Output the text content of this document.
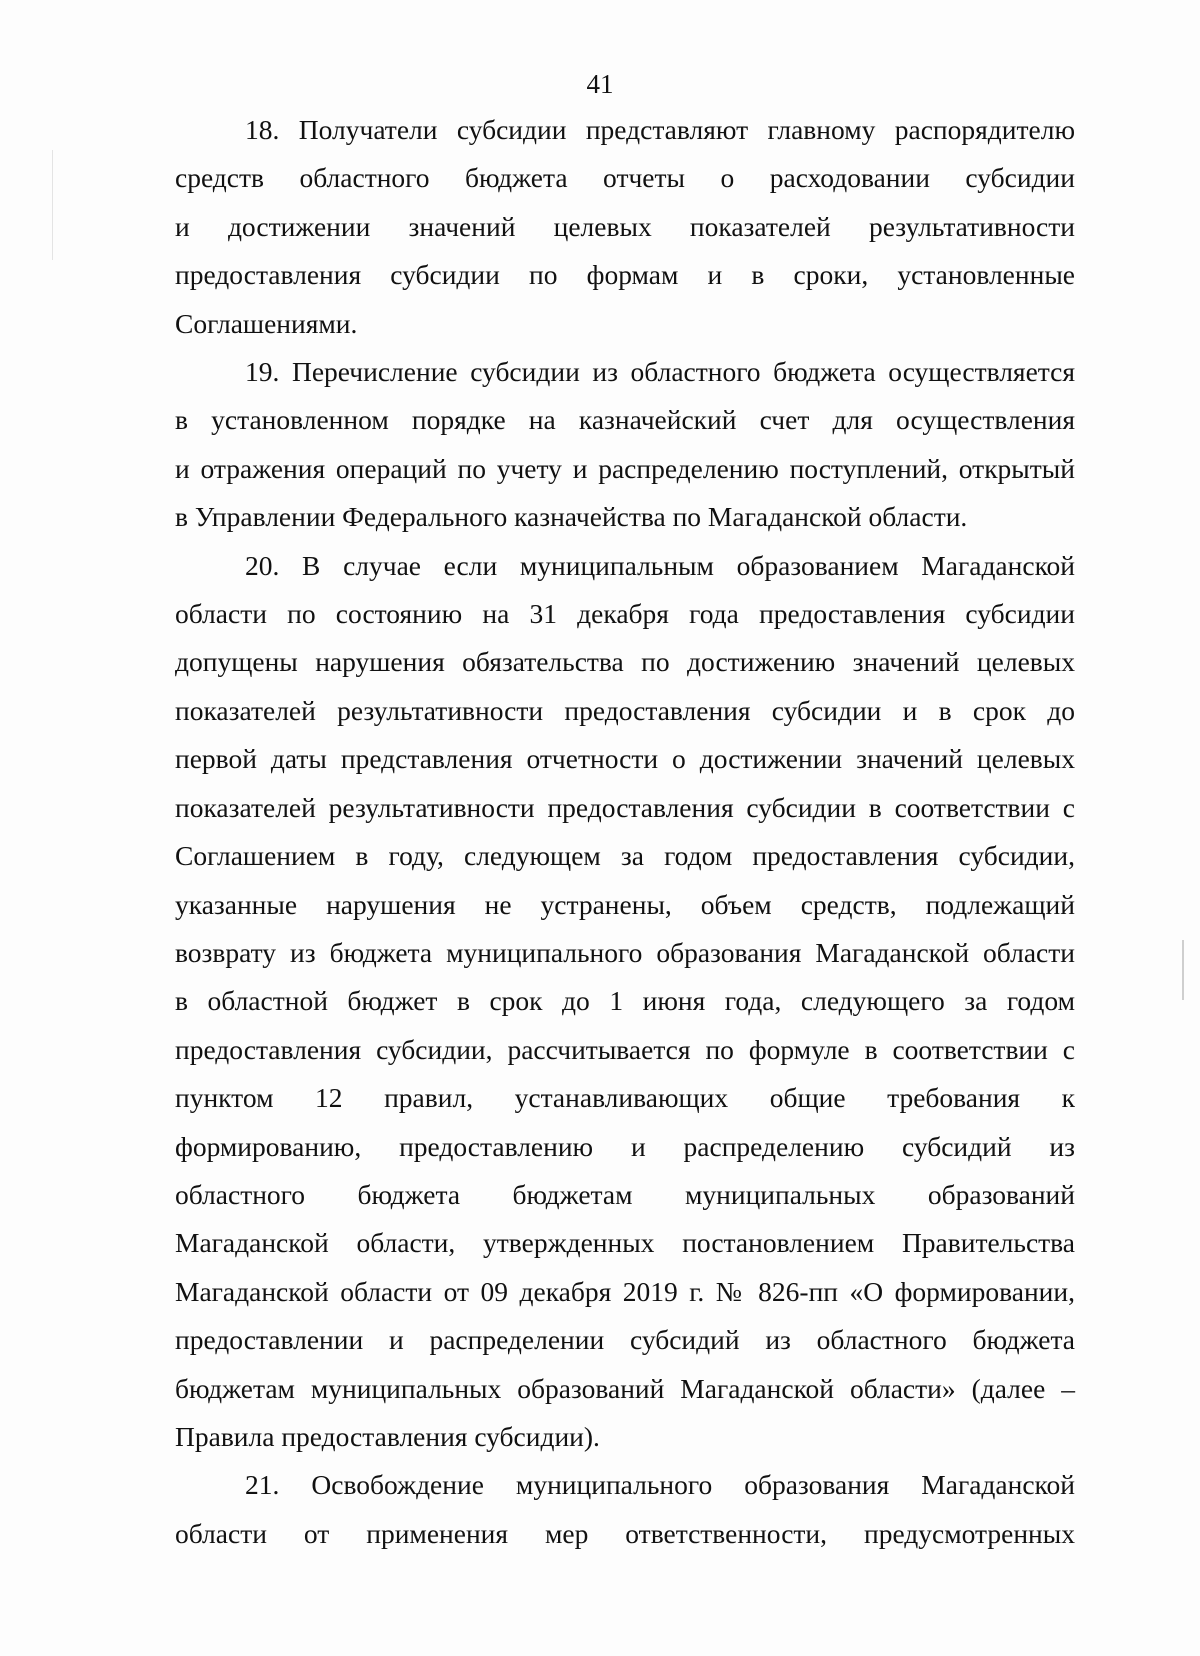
41
18. Получатели субсидии представляют главному распорядителю
средств областного бюджета отчеты о расходовании субсидии
и достижении значений целевых показателей результативности
предоставления субсидии по формам и в сроки, установленные
Соглашениями.
19. Перечисление субсидии из областного бюджета осуществляется
в установленном порядке на казначейский счет для осуществления
и отражения операций по учету и распределению поступлений, открытый
в Управлении Федерального казначейства по Магаданской области.
20. В случае если муниципальным образованием Магаданской
области по состоянию на 31 декабря года предоставления субсидии
допущены нарушения обязательства по достижению значений целевых
показателей результативности предоставления субсидии и в срок до
первой даты представления отчетности о достижении значений целевых
показателей результативности предоставления субсидии в соответствии с
Соглашением в году, следующем за годом предоставления субсидии,
указанные нарушения не устранены, объем средств, подлежащий
возврату из бюджета муниципального образования Магаданской области
в областной бюджет в срок до 1 июня года, следующего за годом
предоставления субсидии, рассчитывается по формуле в соответствии с
пунктом 12 правил, устанавливающих общие требования к
формированию, предоставлению и распределению субсидий из
областного бюджета бюджетам муниципальных образований
Магаданской области, утвержденных постановлением Правительства
Магаданской области от 09 декабря 2019 г. № 826-пп «О формировании,
предоставлении и распределении субсидий из областного бюджета
бюджетам муниципальных образований Магаданской области» (далее –
Правила предоставления субсидии).
21. Освобождение муниципального образования Магаданской
области от применения мер ответственности, предусмотренных
